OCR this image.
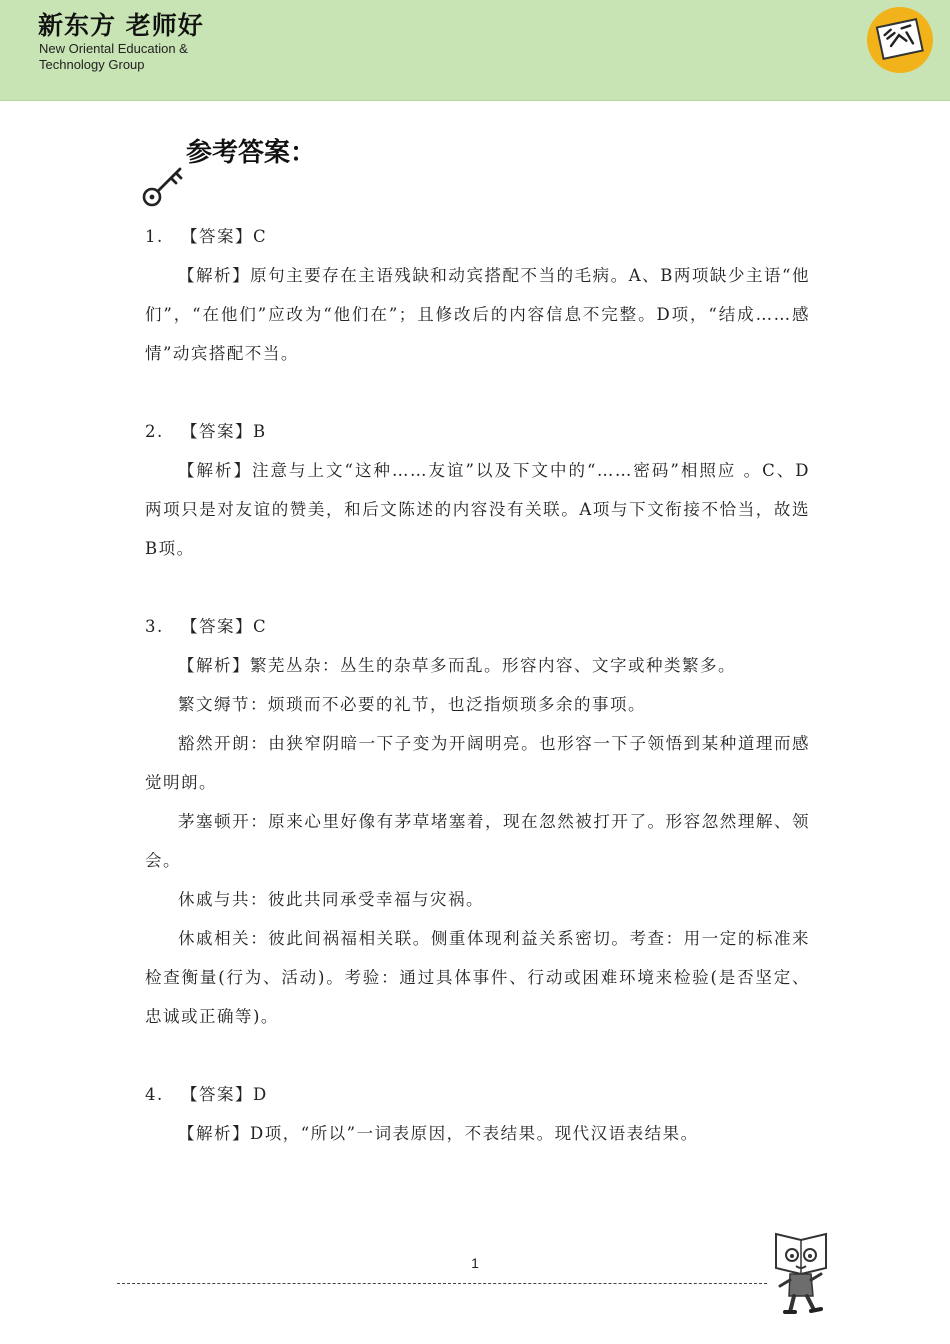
新东方 老师好
New Oriental Education & Technology Group
参考答案：
1. 【答案】C

【解析】原句主要存在主语残缺和动宾搭配不当的毛病。A、B两项缺少主语“他们”，“在他们”应改为“他们在”；且修改后的内容信息不完整。D项，“结成……感情”动宾搭配不当。

2. 【答案】B

【解析】注意与上文“这种……友谊”以及下文中的“……密码”相照应 。C、D两项只是对友谊的赞美，和后文陈述的内容没有关联。A项与下文衔接不恰当，故选B项。

3. 【答案】C

【解析】繁芜丛杂：丛生的杂草多而乱。形容内容、文字或种类繁多。

繁文缛节：烦琐而不必要的礼节，也泛指烦琐多余的事项。

豁然开朗：由狭窄阴暗一下子变为开阔明亮。也形容一下子领悟到某种道理而感觉明朗。

茅塞顿开：原来心里好像有茅草堵塞着，现在忽然被打开了。形容忽然理解、领会。

休戚与共：彼此共同承受幸福与灾祸。

休戚相关：彼此间祸福相关联。侧重体现利益关系密切。考查：用一定的标准来检查衡量(行为、活动)。考验：通过具体事件、行动或困难环境来检验(是否坚定、忠诚或正确等)。

4. 【答案】D

【解析】D项，“所以”一词表原因，不表结果。现代汉语表结果。

1
